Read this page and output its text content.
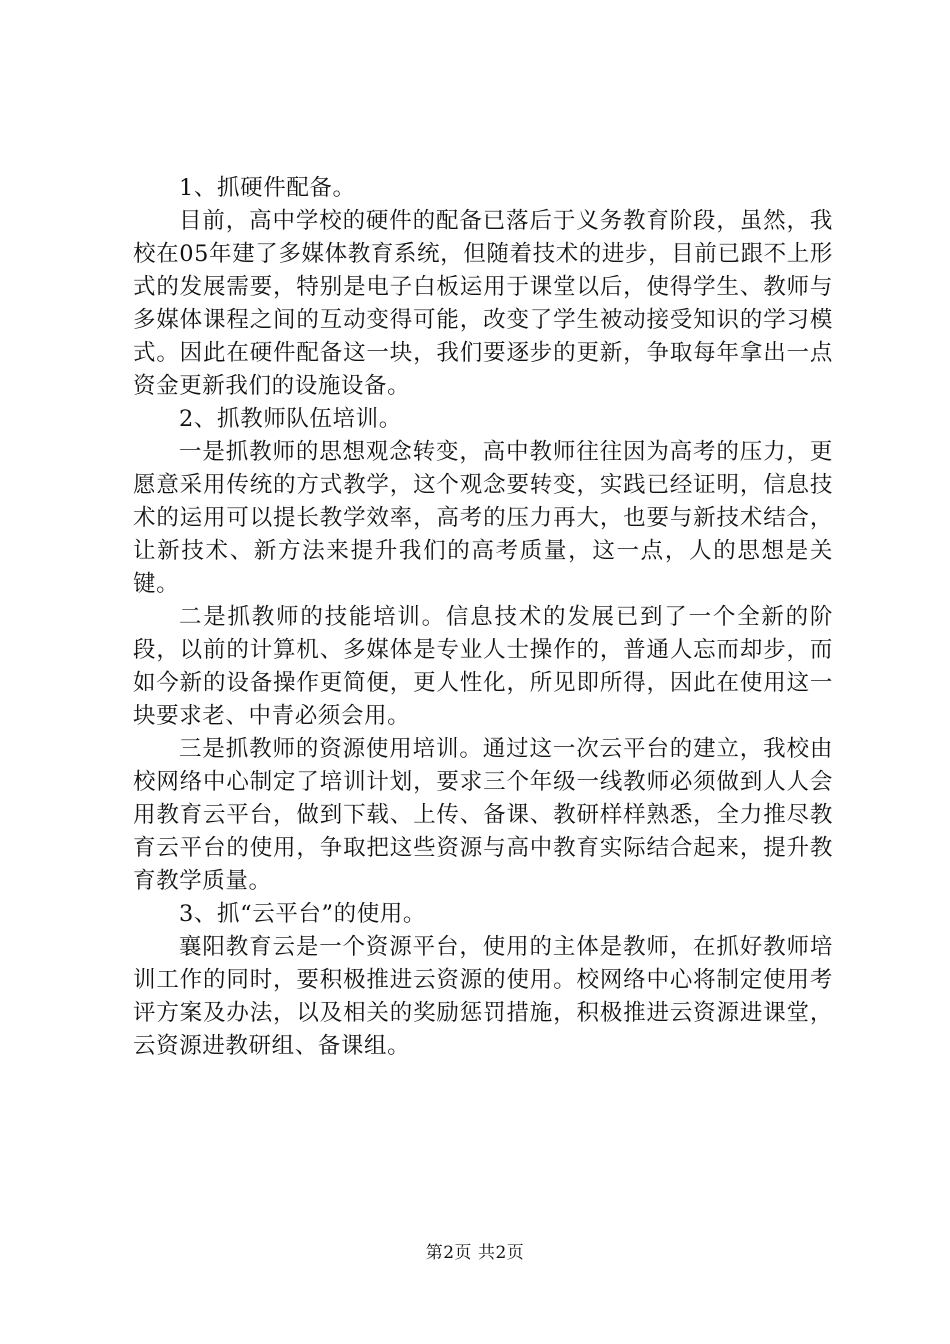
1、抓硬件配备。

目前，高中学校的硬件的配备已落后于义务教育阶段，虽然，我校在05年建了多媒体教育系统，但随着技术的进步，目前已跟不上形式的发展需要，特别是电子白板运用于课堂以后，使得学生、教师与多媒体课程之间的互动变得可能，改变了学生被动接受知识的学习模式。因此在硬件配备这一块，我们要逐步的更新，争取每年拿出一点资金更新我们的设施设备。

2、抓教师队伍培训。

一是抓教师的思想观念转变，高中教师往往因为高考的压力，更愿意采用传统的方式教学，这个观念要转变，实践已经证明，信息技术的运用可以提长教学效率，高考的压力再大，也要与新技术结合，让新技术、新方法来提升我们的高考质量，这一点，人的思想是关键。

二是抓教师的技能培训。信息技术的发展已到了一个全新的阶段，以前的计算机、多媒体是专业人士操作的，普通人忘而却步，而如今新的设备操作更简便，更人性化，所见即所得，因此在使用这一块要求老、中青必须会用。

三是抓教师的资源使用培训。通过这一次云平台的建立，我校由校网络中心制定了培训计划，要求三个年级一线教师必须做到人人会用教育云平台，做到下载、上传、备课、教研样样熟悉，全力推尽教育云平台的使用，争取把这些资源与高中教育实际结合起来，提升教育教学质量。

3、抓“云平台”的使用。

襄阳教育云是一个资源平台，使用的主体是教师，在抓好教师培训工作的同时，要积极推进云资源的使用。校网络中心将制定使用考评方案及办法，以及相关的奖励惩罚措施，积极推进云资源进课堂，云资源进教研组、备课组。

第2页 共2页
